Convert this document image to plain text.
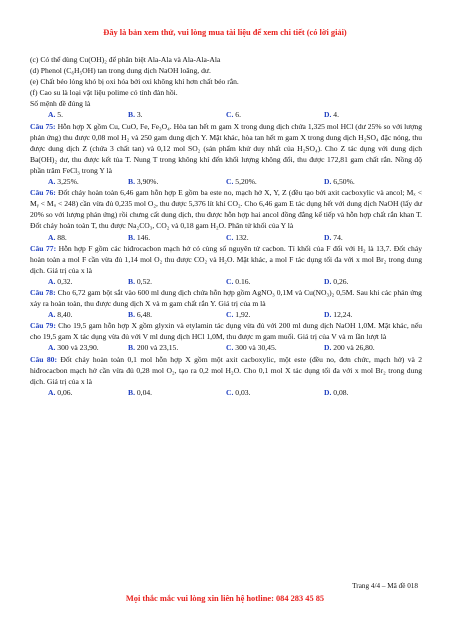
Đây là bản xem thử, vui lòng mua tài liệu để xem chi tiết (có lời giải)

(c) Có thể dùng Cu(OH)₂ để phân biệt Ala-Ala và Ala-Ala-Ala

(d) Phenol (C₆H₅OH) tan trong dung dịch NaOH loãng, dư.

(e) Chất béo lỏng khó bị oxi hóa bởi oxi không khí hơn chất béo rắn.

(f) Cao su là loại vật liệu polime có tính đàn hồi.

Số mệnh đề đúng là

A. 5.	B. 3.	C. 6.	D. 4.

Câu 75: Hỗn hợp X gồm Cu, CuO, Fe, Fe₃O₄. Hòa tan hết m gam X trong dung dịch chứa 1,325 mol HCl (dư 25% so với lượng phản ứng) thu được 0,08 mol H₂ và 250 gam dung dịch Y. Mặt khác, hòa tan hết m gam X trong dung dịch H₂SO₄ đặc nóng, thu được dung dịch Z (chứa 3 chất tan) và 0,12 mol SO₂ (sản phẩm khử duy nhất của H₂SO₄). Cho Z tác dụng với dung dịch Ba(OH)₂ dư, thu được kết tủa T. Nung T trong không khí đến khối lượng không đổi, thu được 172,81 gam chất rắn. Nồng độ phần trăm FeCl₃ trong Y là

A. 3,25%.	B. 3,90%.	C. 5,20%.	D. 6,50%.

Câu 76: Đốt cháy hoàn toàn 6,46 gam hỗn hợp E gồm ba este no, mạch hở X, Y, Z (đều tạo bởi axit cacboxylic và ancol; Mₓ < Mᵧ < Mᵤ < 248) cần vừa đủ 0,235 mol O₂, thu được 5,376 lít khí CO₂. Cho 6,46 gam E tác dụng hết với dung dịch NaOH (lấy dư 20% so với lượng phản ứng) rồi chưng cất dung dịch, thu được hỗn hợp hai ancol đồng đẳng kế tiếp và hỗn hợp chất rắn khan T. Đốt cháy hoàn toàn T, thu được Na₂CO₃, CO₂ và 0,18 gam H₂O. Phân tử khối của Y là

A. 88.	B. 146.	C. 132.	D. 74.

Câu 77: Hỗn hợp F gồm các hiđrocacbon mạch hở có cùng số nguyên tử cacbon. Tỉ khối của F đối với H₂ là 13,7. Đốt cháy hoàn toàn a mol F cần vừa đủ 1,14 mol O₂ thu được CO₂ và H₂O. Mặt khác, a mol F tác dụng tối đa với x mol Br₂ trong dung dịch. Giá trị của x là

A. 0,32.	B. 0,52.	C. 0.16.	D. 0,26.

Câu 78: Cho 6,72 gam bột sắt vào 600 ml dung dịch chứa hỗn hợp gồm AgNO₃ 0,1M và Cu(NO₃)₂ 0,5M. Sau khi các phản ứng xảy ra hoàn toàn, thu được dung dịch X và m gam chất rắn Y. Giá trị của m là

A. 8,40.	B. 6,48.	C. 1,92.	D. 12,24.

Câu 79: Cho 19,5 gam hỗn hợp X gồm glyxin và etylamin tác dụng vừa đủ với 200 ml dung dịch NaOH 1,0M. Mặt khác, nếu cho 19,5 gam X tác dụng vừa đủ với V ml dung dịch HCl 1,0M, thu được m gam muối. Giá trị của V và m lần lượt là

A. 300 và 23,90.	B. 200 và 23,15.	C. 300 và 30,45.	D. 200 và 26,80.

Câu 80: Đốt cháy hoàn toàn 0,1 mol hỗn hợp X gồm một axit cacboxylic, một este (đều no, đơn chức, mạch hở) và 2 hiđrocacbon mạch hở cần vừa đủ 0,28 mol O₂, tạo ra 0,2 mol H₂O. Cho 0,1 mol X tác dụng tối đa với x mol Br₂ trong dung dịch. Giá trị của x là

A. 0,06.	B. 0,04.	C. 0,03.	D. 0,08.
Trang 4/4 – Mã đề 018
Mọi thắc mắc vui lòng xin liên hệ hotline: 084 283 45 85
